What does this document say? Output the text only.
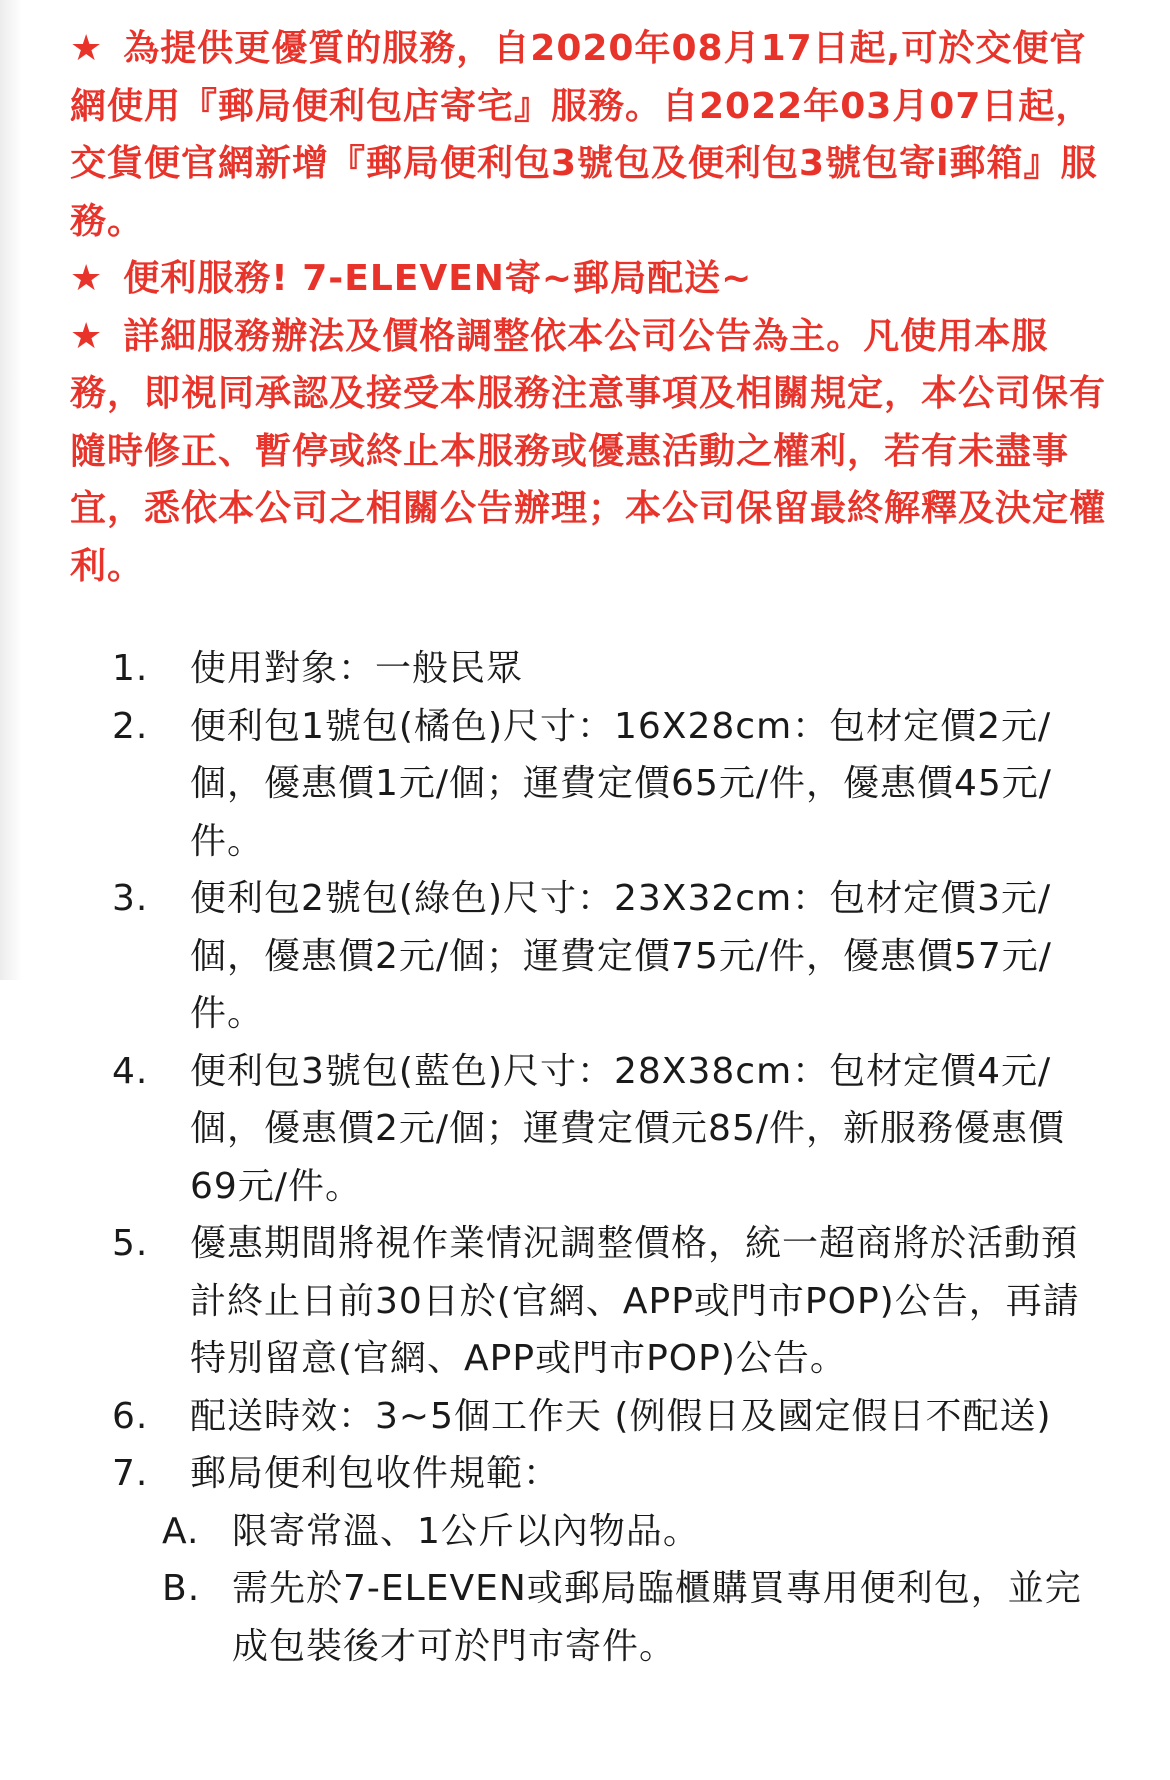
★ 為提供更優質的服務，自2020年08月17日起,可於交便官網使用『郵局便利包店寄宅』服務。自2022年03月07日起，交貨便官網新增『郵局便利包3號包及便利包3號包寄i郵箱』服務。

★ 便利服務! 7-ELEVEN寄~郵局配送~

★ 詳細服務辦法及價格調整依本公司公告為主。凡使用本服務，即視同承認及接受本服務注意事項及相關規定，本公司保有隨時修正、暫停或終止本服務或優惠活動之權利，若有未盡事宜，悉依本公司之相關公告辦理；本公司保留最終解釋及決定權利。

1.	使用對象：一般民眾
2.	便利包1號包(橘色)尺寸：16X28cm：包材定價2元/個，優惠價1元/個；運費定價65元/件，優惠價45元/件。
3.	便利包2號包(綠色)尺寸：23X32cm：包材定價3元/個，優惠價2元/個；運費定價75元/件，優惠價57元/件。
4.	便利包3號包(藍色)尺寸：28X38cm：包材定價4元/個，優惠價2元/個；運費定價元85/件，新服務優惠價69元/件。
5.	優惠期間將視作業情況調整價格，統一超商將於活動預計終止日前30日於(官網、APP或門市POP)公告，再請特別留意(官網、APP或門市POP)公告。
6.	配送時效：3~5個工作天 (例假日及國定假日不配送)
7.	郵局便利包收件規範：
A. 限寄常溫、1公斤以內物品。
B. 需先於7-ELEVEN或郵局臨櫃購買專用便利包，並完成包裝後才可於門市寄件。
